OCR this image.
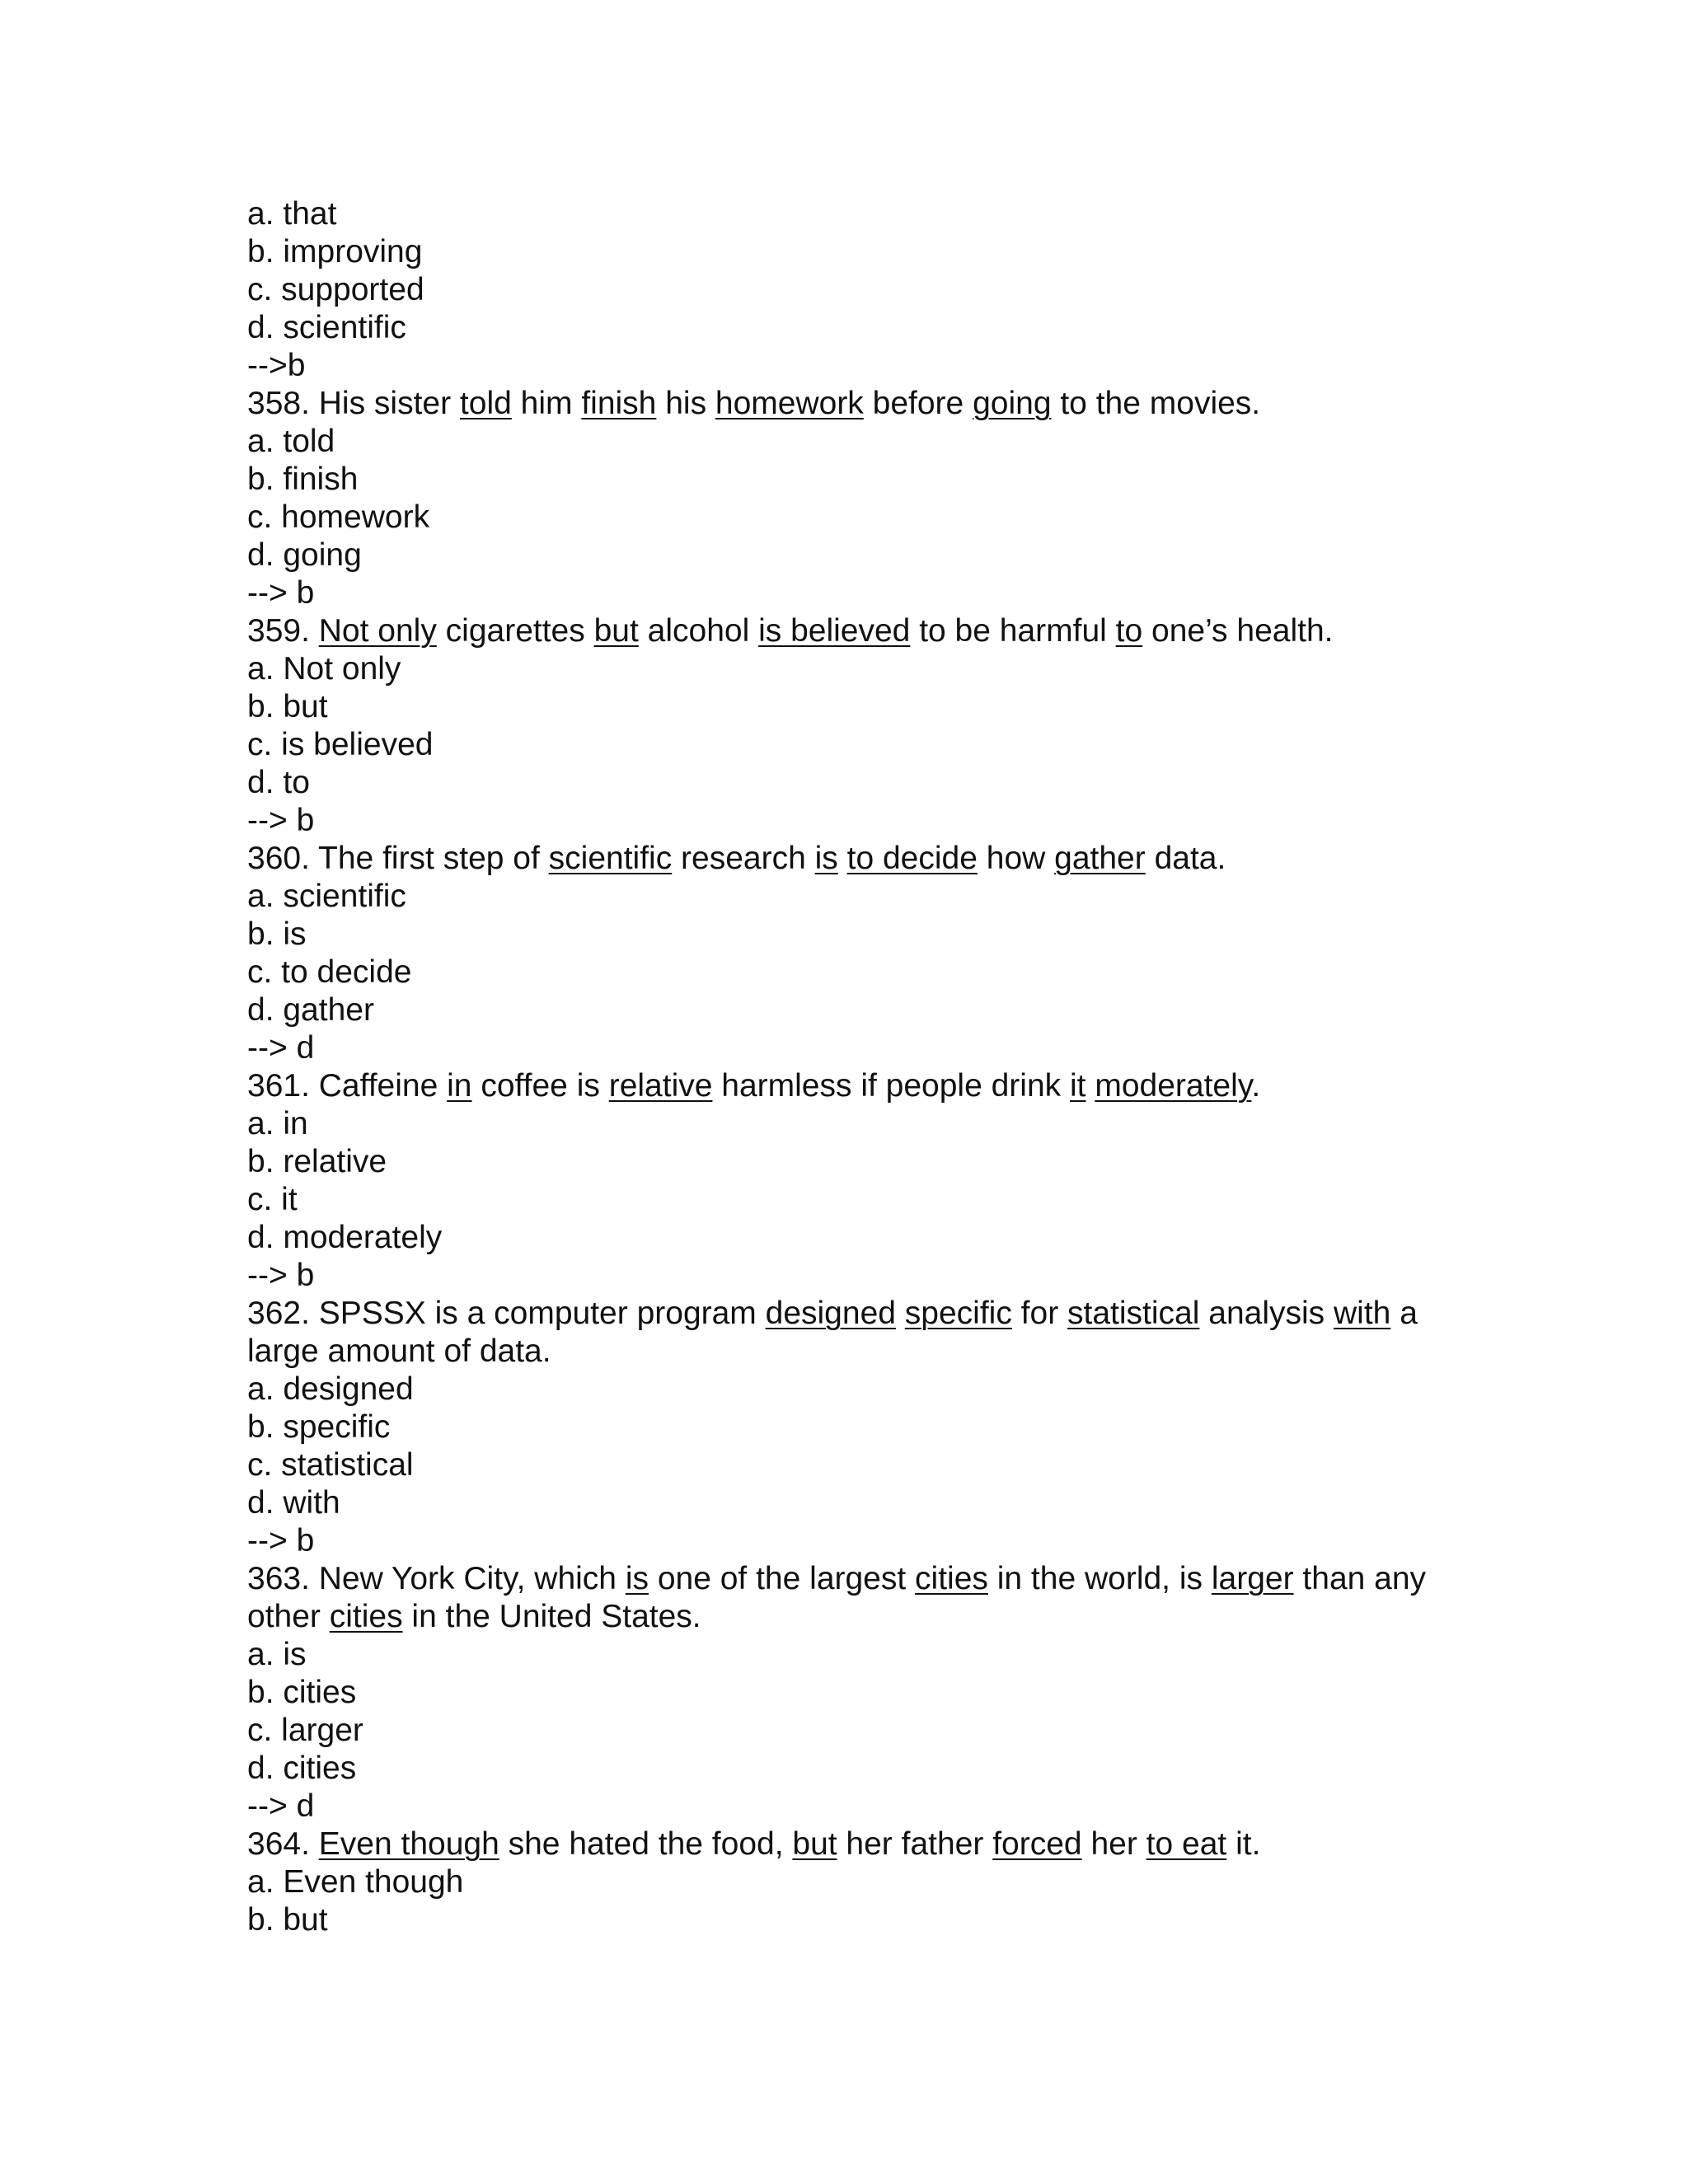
a. that
b. improving
c. supported
d. scientific
-->b
358. His sister told him finish his homework before going to the movies.
a. told
b. finish
c. homework
d. going
--> b
359. Not only cigarettes but alcohol is believed to be harmful to one’s health.
a. Not only
b. but
c. is believed
d. to
--> b
360. The first step of scientific research is to decide how gather data.
a. scientific
b. is
c. to decide
d. gather
--> d
361. Caffeine in coffee is relative harmless if people drink it moderately.
a. in
b. relative
c. it
d. moderately
--> b
362. SPSSX is a computer program designed specific for statistical analysis with a large amount of data.
a. designed
b. specific
c. statistical
d. with
--> b
363. New York City, which is one of the largest cities in the world, is larger than any other cities in the United States.
a. is
b. cities
c. larger
d. cities
--> d
364. Even though she hated the food, but her father forced her to eat it.
a. Even though
b. but
